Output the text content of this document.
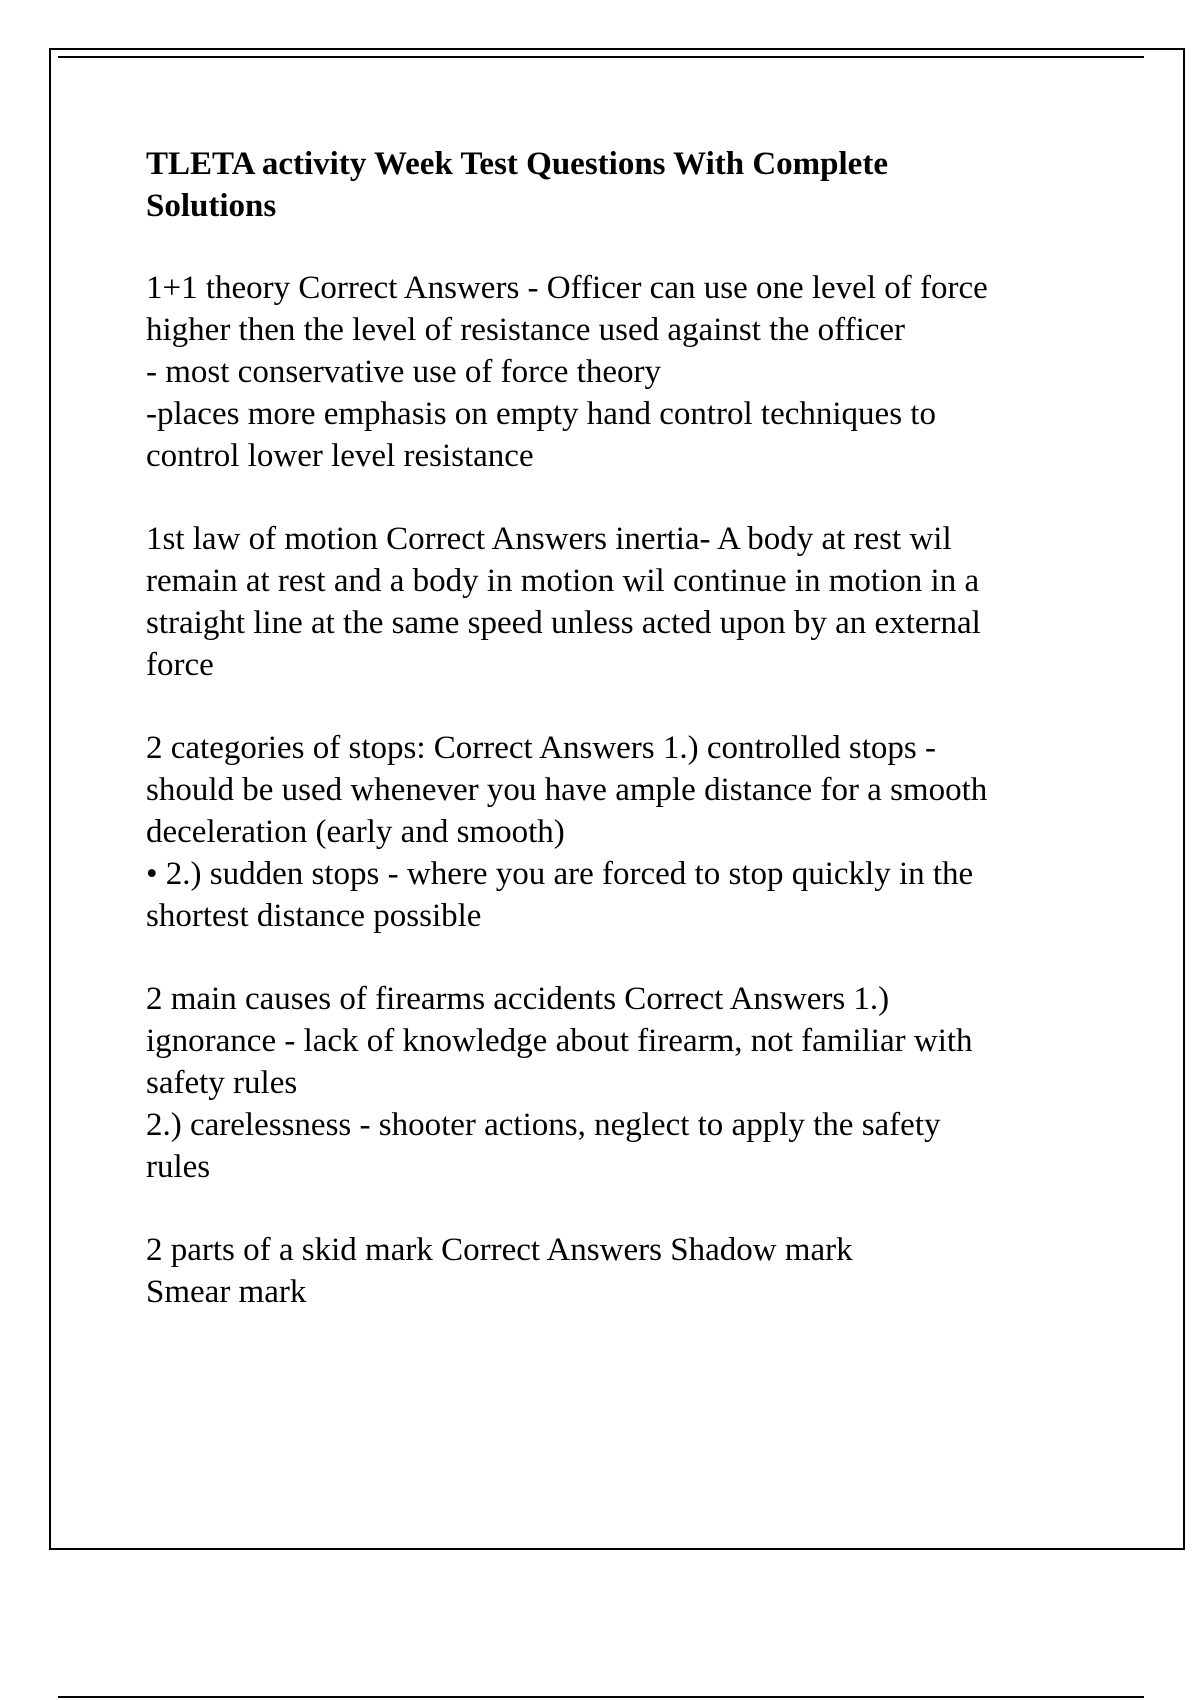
TLETA activity Week Test Questions With Complete
Solutions
1+1 theory Correct Answers - Officer can use one level of force
higher then the level of resistance used against the officer
- most conservative use of force theory
-places more emphasis on empty hand control techniques to
control lower level resistance
1st law of motion Correct Answers inertia- A body at rest wil
remain at rest and a body in motion wil continue in motion in a
straight line at the same speed unless acted upon by an external
force
2 categories of stops: Correct Answers 1.) controlled stops -
should be used whenever you have ample distance for a smooth
deceleration (early and smooth)
• 2.) sudden stops - where you are forced to stop quickly in the
shortest distance possible
2 main causes of firearms accidents Correct Answers 1.)
ignorance - lack of knowledge about firearm, not familiar with
safety rules
2.) carelessness - shooter actions, neglect to apply the safety
rules
2 parts of a skid mark Correct Answers Shadow mark
Smear mark
